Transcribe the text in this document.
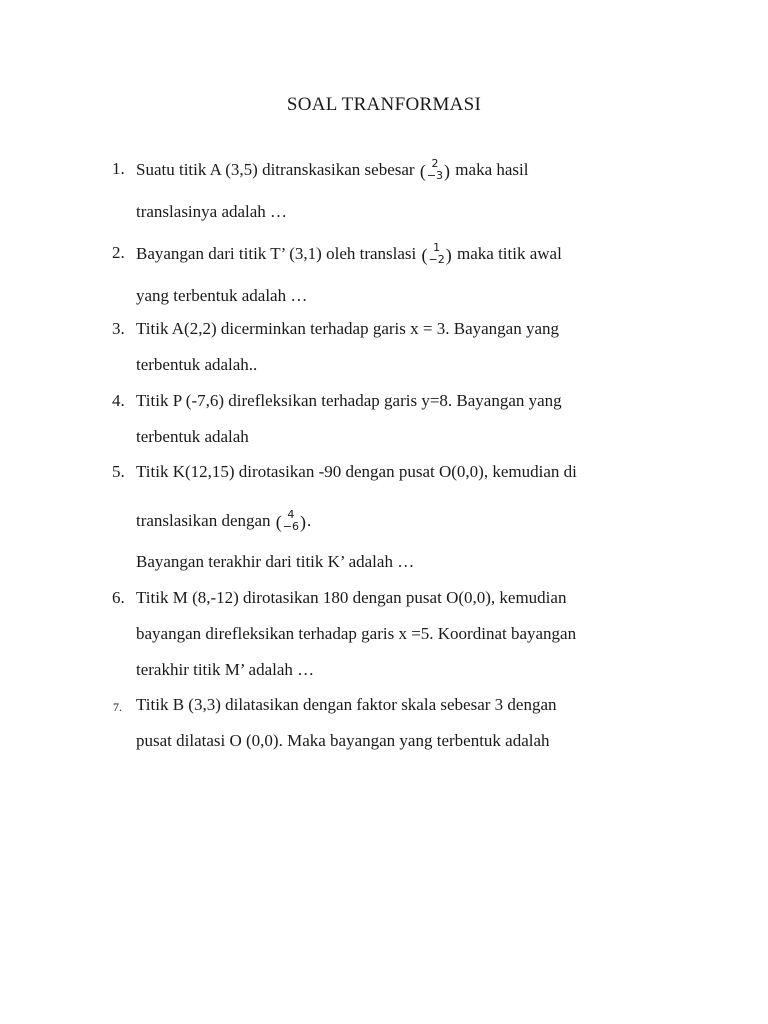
SOAL TRANFORMASI
1. Suatu titik A (3,5) ditranskasikan sebesar ( 2
−3 ) maka hasil
translasinya adalah …
2. Bayangan dari titik T’ (3,1) oleh translasi ( 1
−2 ) maka titik awal
yang terbentuk adalah …
3. Titik A(2,2) dicerminkan terhadap garis x = 3. Bayangan yang
terbentuk adalah..
4. Titik P (-7,6) direfleksikan terhadap garis y=8. Bayangan yang
terbentuk adalah
5. Titik K(12,15) dirotasikan -90 dengan pusat O(0,0), kemudian di
translasikan dengan ( 4
−6 ).
Bayangan terakhir dari titik K’ adalah …
6. Titik M (8,-12) dirotasikan 180 dengan pusat O(0,0), kemudian
bayangan direfleksikan terhadap garis x =5. Koordinat bayangan
terakhir titik M’ adalah …
7. Titik B (3,3) dilatasikan dengan faktor skala sebesar 3 dengan
pusat dilatasi O (0,0). Maka bayangan yang terbentuk adalah
